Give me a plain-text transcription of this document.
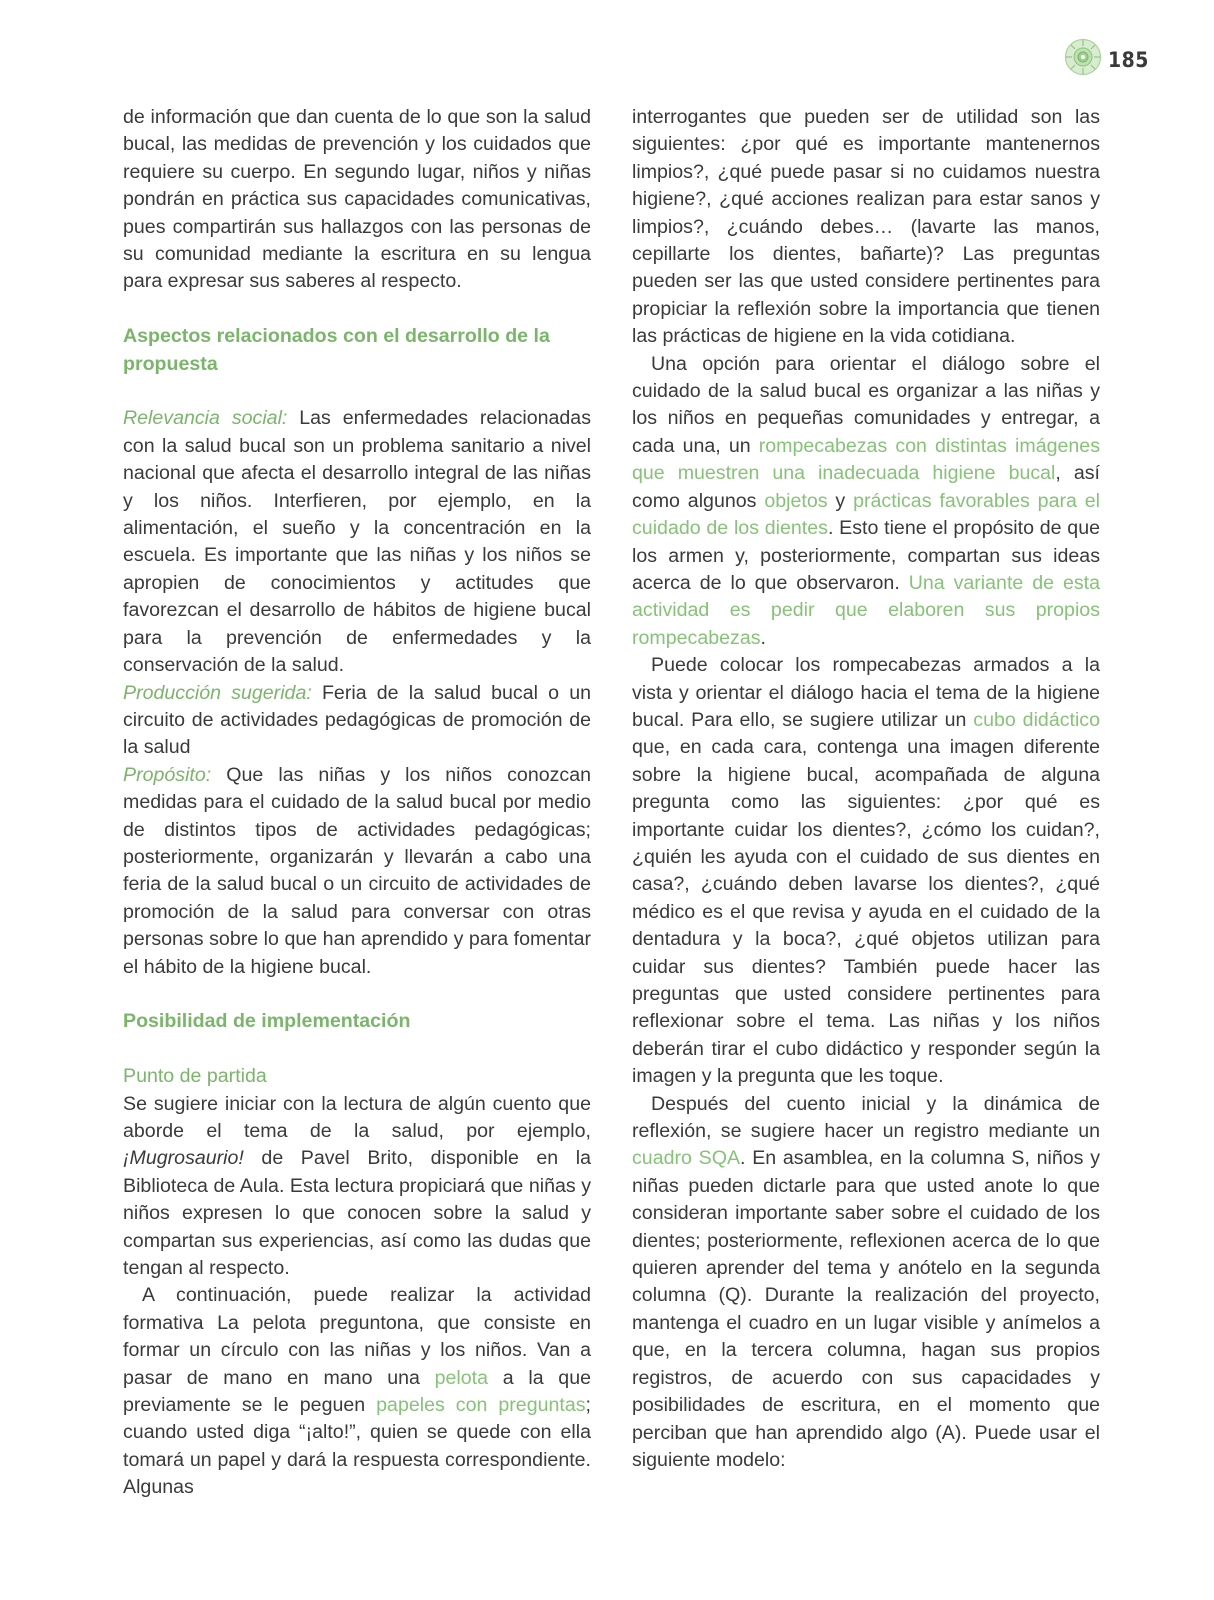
185

de información que dan cuenta de lo que son la salud bucal, las medidas de prevención y los cuidados que requiere su cuerpo. En segundo lugar, niños y niñas pondrán en práctica sus capacidades comunicativas, pues compartirán sus hallazgos con las personas de su comunidad mediante la escritura en su lengua para expresar sus saberes al respecto.

Aspectos relacionados con el desarrollo de la propuesta

Relevancia social: Las enfermedades relacionadas con la salud bucal son un problema sanitario a nivel nacional que afecta el desarrollo integral de las niñas y los niños. Interfieren, por ejemplo, en la alimentación, el sueño y la concentración en la escuela. Es importante que las niñas y los niños se apropien de conocimientos y actitudes que favorezcan el desarrollo de hábitos de higiene bucal para la prevención de enfermedades y la conservación de la salud.

Producción sugerida: Feria de la salud bucal o un circuito de actividades pedagógicas de promoción de la salud

Propósito: Que las niñas y los niños conozcan medidas para el cuidado de la salud bucal por medio de distintos tipos de actividades pedagógicas; posteriormente, organizarán y llevarán a cabo una feria de la salud bucal o un circuito de actividades de promoción de la salud para conversar con otras personas sobre lo que han aprendido y para fomentar el hábito de la higiene bucal.

Posibilidad de implementación

Punto de partida

Se sugiere iniciar con la lectura de algún cuento que aborde el tema de la salud, por ejemplo, ¡Mugrosaurio! de Pavel Brito, disponible en la Biblioteca de Aula. Esta lectura propiciará que niñas y niños expresen lo que conocen sobre la salud y compartan sus experiencias, así como las dudas que tengan al respecto.

A continuación, puede realizar la actividad formativa La pelota preguntona, que consiste en formar un círculo con las niñas y los niños. Van a pasar de mano en mano una pelota a la que previamente se le peguen papeles con preguntas; cuando usted diga “¡alto!”, quien se quede con ella tomará un papel y dará la respuesta correspondiente. Algunas

interrogantes que pueden ser de utilidad son las siguientes: ¿por qué es importante mantenernos limpios?, ¿qué puede pasar si no cuidamos nuestra higiene?, ¿qué acciones realizan para estar sanos y limpios?, ¿cuándo debes… (lavarte las manos, cepillarte los dientes, bañarte)? Las preguntas pueden ser las que usted considere pertinentes para propiciar la reflexión sobre la importancia que tienen las prácticas de higiene en la vida cotidiana.

Una opción para orientar el diálogo sobre el cuidado de la salud bucal es organizar a las niñas y los niños en pequeñas comunidades y entregar, a cada una, un rompecabezas con distintas imágenes que muestren una inadecuada higiene bucal, así como algunos objetos y prácticas favorables para el cuidado de los dientes. Esto tiene el propósito de que los armen y, posteriormente, compartan sus ideas acerca de lo que observaron. Una variante de esta actividad es pedir que elaboren sus propios rompecabezas.

Puede colocar los rompecabezas armados a la vista y orientar el diálogo hacia el tema de la higiene bucal. Para ello, se sugiere utilizar un cubo didáctico que, en cada cara, contenga una imagen diferente sobre la higiene bucal, acompañada de alguna pregunta como las siguientes: ¿por qué es importante cuidar los dientes?, ¿cómo los cuidan?, ¿quién les ayuda con el cuidado de sus dientes en casa?, ¿cuándo deben lavarse los dientes?, ¿qué médico es el que revisa y ayuda en el cuidado de la dentadura y la boca?, ¿qué objetos utilizan para cuidar sus dientes? También puede hacer las preguntas que usted considere pertinentes para reflexionar sobre el tema. Las niñas y los niños deberán tirar el cubo didáctico y responder según la imagen y la pregunta que les toque.

Después del cuento inicial y la dinámica de reflexión, se sugiere hacer un registro mediante un cuadro SQA. En asamblea, en la columna S, niños y niñas pueden dictarle para que usted anote lo que consideran importante saber sobre el cuidado de los dientes; posteriormente, reflexionen acerca de lo que quieren aprender del tema y anótelo en la segunda columna (Q). Durante la realización del proyecto, mantenga el cuadro en un lugar visible y anímelos a que, en la tercera columna, hagan sus propios registros, de acuerdo con sus capacidades y posibilidades de escritura, en el momento que perciban que han aprendido algo (A). Puede usar el siguiente modelo:
